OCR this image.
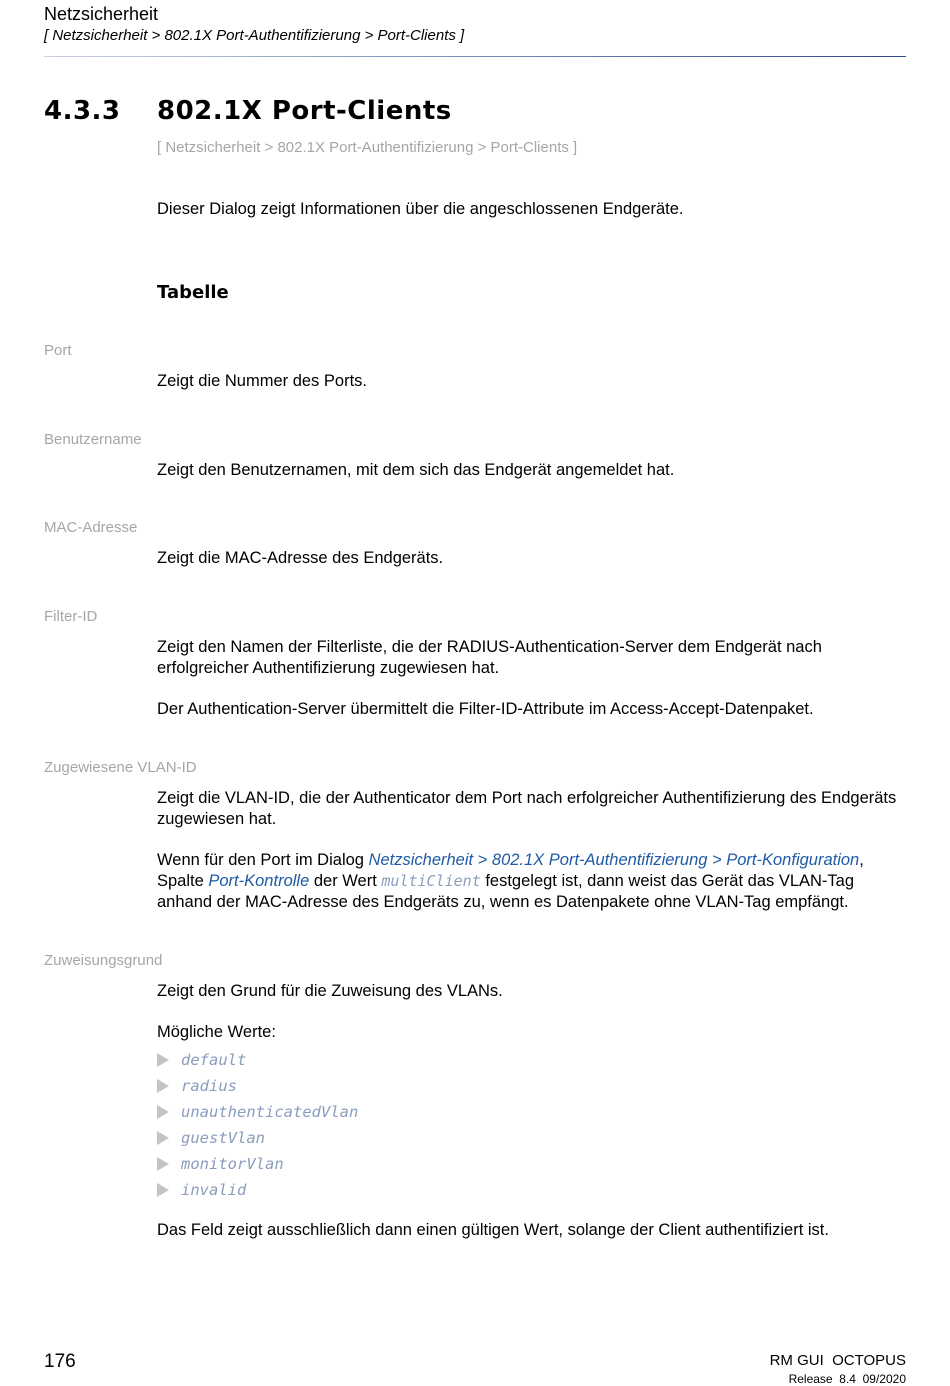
Netzsicherheit
[ Netzsicherheit > 802.1X Port-Authentifizierung > Port-Clients ]
4.3.3 802.1X Port-Clients
[ Netzsicherheit > 802.1X Port-Authentifizierung > Port-Clients ]
Dieser Dialog zeigt Informationen über die angeschlossenen Endgeräte.
Tabelle
Port
Zeigt die Nummer des Ports.
Benutzername
Zeigt den Benutzernamen, mit dem sich das Endgerät angemeldet hat.
MAC-Adresse
Zeigt die MAC-Adresse des Endgeräts.
Filter-ID
Zeigt den Namen der Filterliste, die der RADIUS-Authentication-Server dem Endgerät nach erfolgreicher Authentifizierung zugewiesen hat.
Der Authentication-Server übermittelt die Filter-ID-Attribute im Access-Accept-Datenpaket.
Zugewiesene VLAN-ID
Zeigt die VLAN-ID, die der Authenticator dem Port nach erfolgreicher Authentifizierung des Endgeräts zugewiesen hat.
Wenn für den Port im Dialog Netzsicherheit > 802.1X Port-Authentifizierung > Port-Konfiguration, Spalte Port-Kontrolle der Wert multiClient festgelegt ist, dann weist das Gerät das VLAN-Tag anhand der MAC-Adresse des Endgeräts zu, wenn es Datenpakete ohne VLAN-Tag empfängt.
Zuweisungsgrund
Zeigt den Grund für die Zuweisung des VLANs.
Mögliche Werte:
default
radius
unauthenticatedVlan
guestVlan
monitorVlan
invalid
Das Feld zeigt ausschließlich dann einen gültigen Wert, solange der Client authentifiziert ist.
176	RM GUI  OCTOPUS
Release  8.4  09/2020
